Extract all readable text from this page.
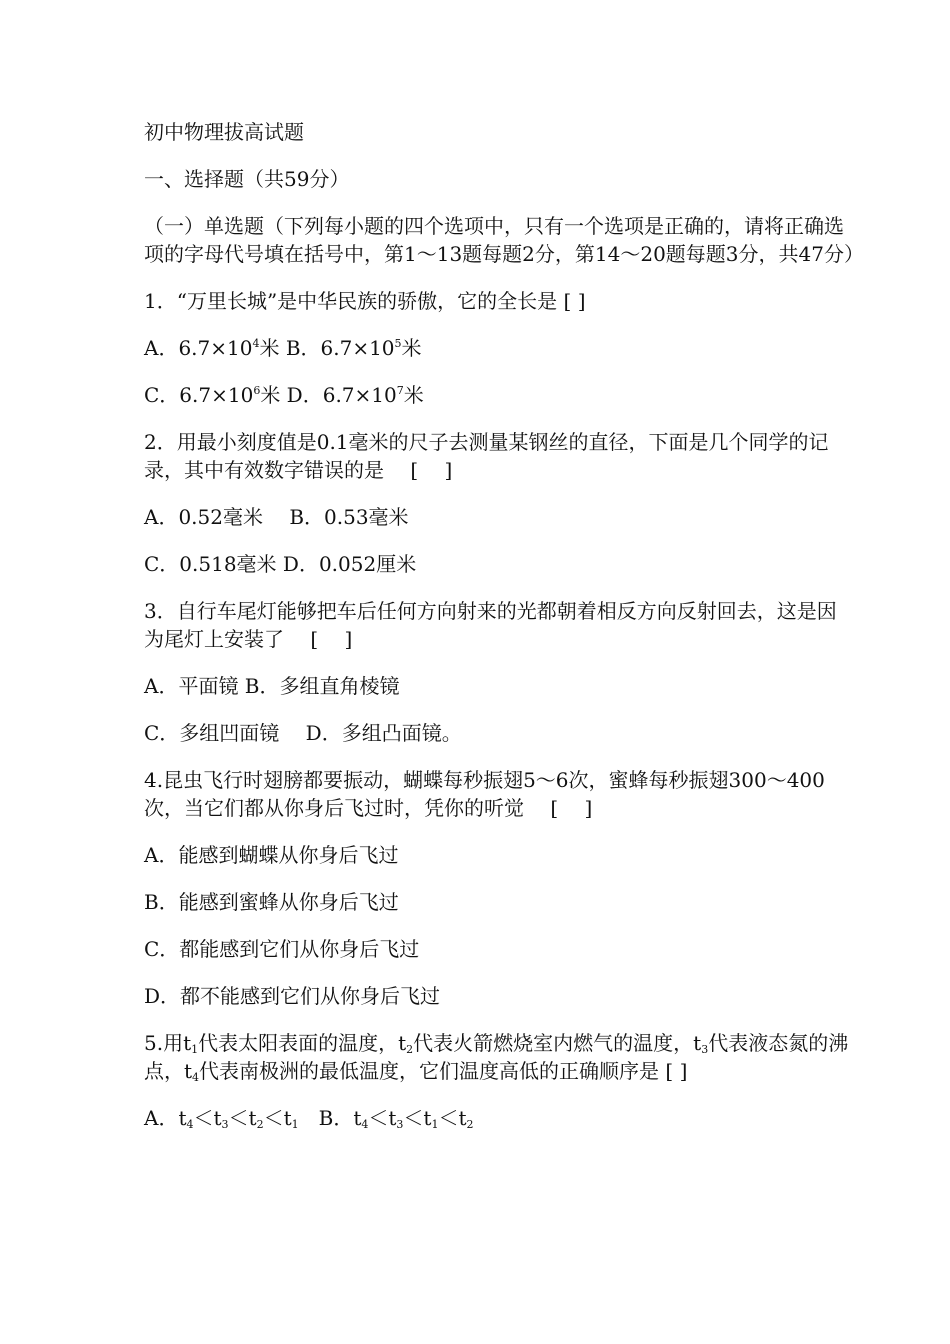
初中物理拔高试题

一、选择题（共59分）

（一）单选题（下列每小题的四个选项中，只有一个选项是正确的，请将正确选项的字母代号填在括号中，第1～13题每题2分，第14～20题每题3分，共47分）

1．“万里长城”是中华民族的骄傲，它的全长是 [ ]

A．$6.7\times 10^4$米 B．$6.7\times 10^5$米

C．$6.7\times 10^6$米 D．$6.7\times 10^7$米

2．用最小刻度值是0.1毫米的尺子去测量某钢丝的直径，下面是几个同学的记录，其中有效数字错误的是　 [　 ]

A．0.52毫米　 B．0.53毫米

C．0.518毫米 D．0.052厘米

3．自行车尾灯能够把车后任何方向射来的光都朝着相反方向反射回去，这是因为尾灯上安装了　 [　 ]

A．平面镜 B．多组直角棱镜

C．多组凹面镜　 D．多组凸面镜。

4.昆虫飞行时翅膀都要振动，蝴蝶每秒振翅5～6次，蜜蜂每秒振翅300～400次，当它们都从你身后飞过时，凭你的听觉　 [　 ]

A．能感到蝴蝶从你身后飞过

B．能感到蜜蜂从你身后飞过

C．都能感到它们从你身后飞过

D．都不能感到它们从你身后飞过

5.用$t_1$代表太阳表面的温度，$t_2$代表火箭燃烧室内燃气的温度，$t_3$代表液态氮的沸点，$t_4$代表南极洲的最低温度，它们温度高低的正确顺序是 [ ]

A．$t_4<t_3<t_2<t_1$　B．$t_4<t_3<t_1<t_2$
